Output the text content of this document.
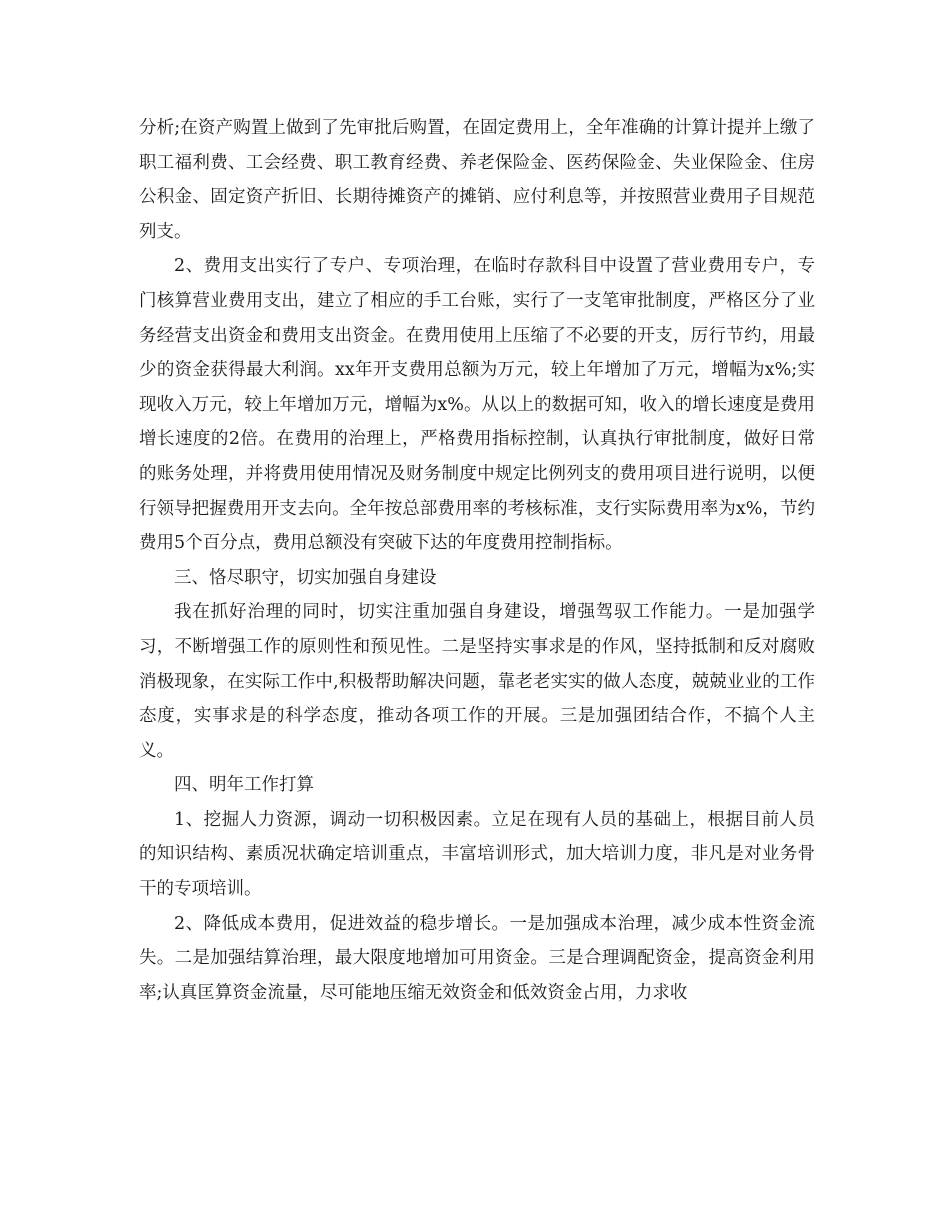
分析;在资产购置上做到了先审批后购置，在固定费用上，全年准确的计算计提并上缴了职工福利费、工会经费、职工教育经费、养老保险金、医药保险金、失业保险金、住房公积金、固定资产折旧、长期待摊资产的摊销、应付利息等，并按照营业费用子目规范列支。

2、费用支出实行了专户、专项治理，在临时存款科目中设置了营业费用专户，专门核算营业费用支出，建立了相应的手工台账，实行了一支笔审批制度，严格区分了业务经营支出资金和费用支出资金。在费用使用上压缩了不必要的开支，厉行节约，用最少的资金获得最大利润。xx年开支费用总额为万元，较上年增加了万元，增幅为x%;实现收入万元，较上年增加万元，增幅为x%。从以上的数据可知，收入的增长速度是费用增长速度的2倍。在费用的治理上，严格费用指标控制，认真执行审批制度，做好日常的账务处理，并将费用使用情况及财务制度中规定比例列支的费用项目进行说明，以便行领导把握费用开支去向。全年按总部费用率的考核标准，支行实际费用率为x%，节约费用5个百分点，费用总额没有突破下达的年度费用控制指标。

三、恪尽职守，切实加强自身建设

我在抓好治理的同时，切实注重加强自身建设，增强驾驭工作能力。一是加强学习，不断增强工作的原则性和预见性。二是坚持实事求是的作风，坚持抵制和反对腐败消极现象，在实际工作中,积极帮助解决问题，靠老老实实的做人态度，兢兢业业的工作态度，实事求是的科学态度，推动各项工作的开展。三是加强团结合作，不搞个人主义。

四、明年工作打算

1、挖掘人力资源，调动一切积极因素。立足在现有人员的基础上，根据目前人员的知识结构、素质况状确定培训重点，丰富培训形式，加大培训力度，非凡是对业务骨干的专项培训。

2、降低成本费用，促进效益的稳步增长。一是加强成本治理，减少成本性资金流失。二是加强结算治理，最大限度地增加可用资金。三是合理调配资金，提高资金利用率;认真匡算资金流量，尽可能地压缩无效资金和低效资金占用，力求收
